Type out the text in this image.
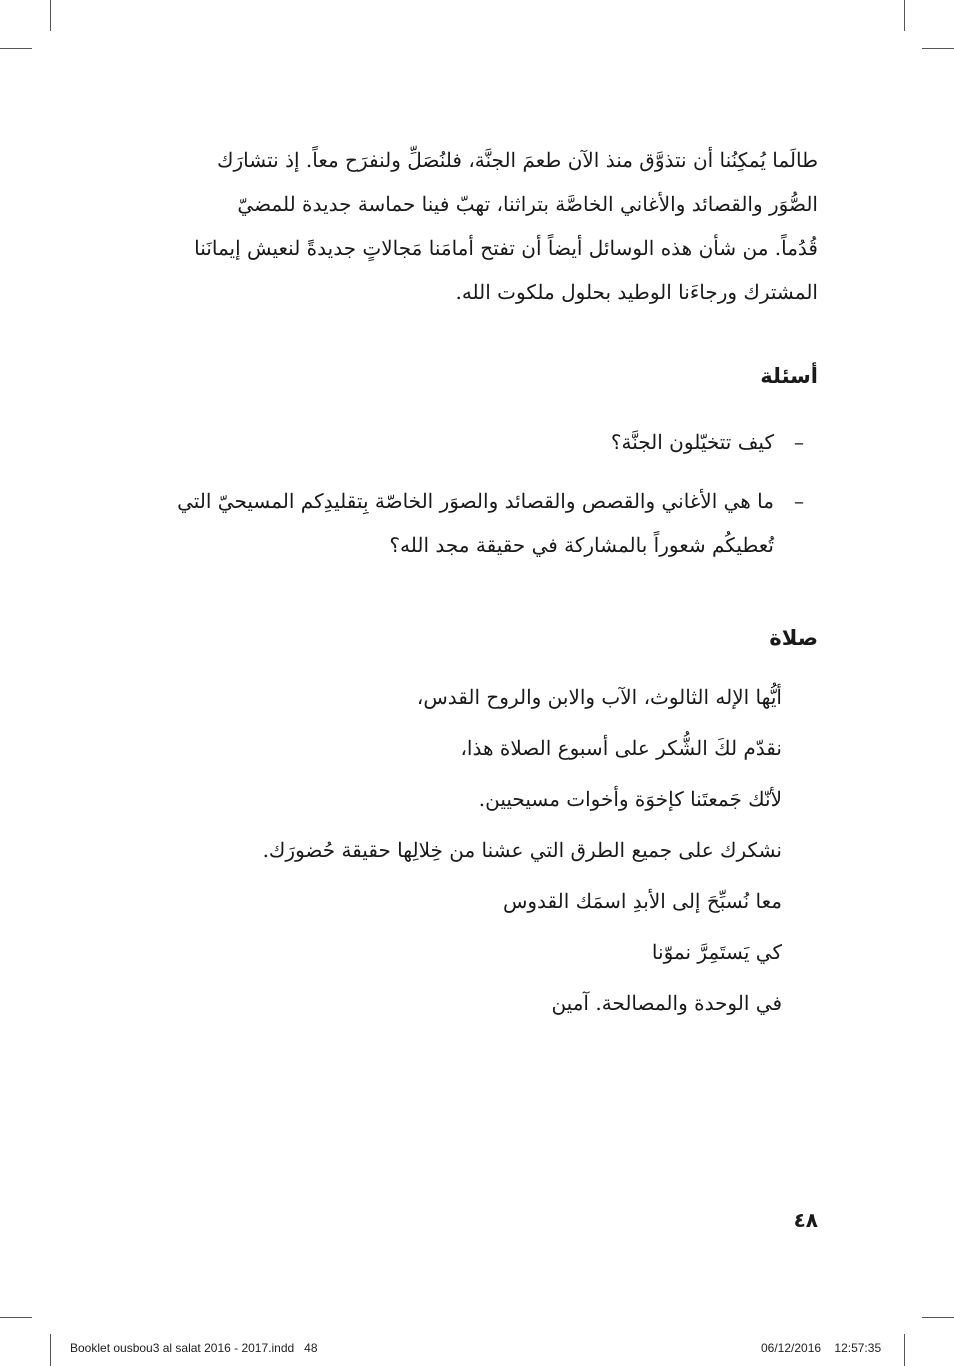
طالَما يُمكِنُنا أن نتذوَّق منذ الآن طعمَ الجنَّة، فلنُصَلِّ ولنفرَح معاً. إذ نتشارَك
الصُّوَر والقصائد والأغاني الخاصَّة بتراثنا، تهبّ فينا حماسة جديدة للمضيّ
قُدُماً. من شأن هذه الوسائل أيضاً أن تفتح أمامَنا مَجالاتٍ جديدةً لنعيش إيمانَنا
المشترك ورجاءَنا الوطيد بحلول ملكوت الله.
أسئلة
–
كيف تتخيّلون الجنَّة؟
–
ما هي الأغاني والقصص والقصائد والصوَر الخاصّة بِتقليدِكم المسيحيّ التي تُعطيكُم شعوراً بالمشاركة في حقيقة مجد الله؟
صلاة
أيُّها الإله الثالوث، الآب والابن والروح القدس،
نقدّم لكَ الشُّكر على أسبوع الصلاة هذا،
لأنّك جَمعتَنا كإخوَة وأخوات مسيحيين.
نشكرك على جميع الطرق التي عشنا من خِلالِها حقيقة حُضورَك.
معا نُسبِّحَ إلى الأبدِ اسمَك القدوس
كي يَستَمِرَّ نموّنا
في الوحدة والمصالحة. آمين
٤٨
Booklet ousbou3 al salat 2016 - 2017.indd   48	06/12/2016 12:57:35
